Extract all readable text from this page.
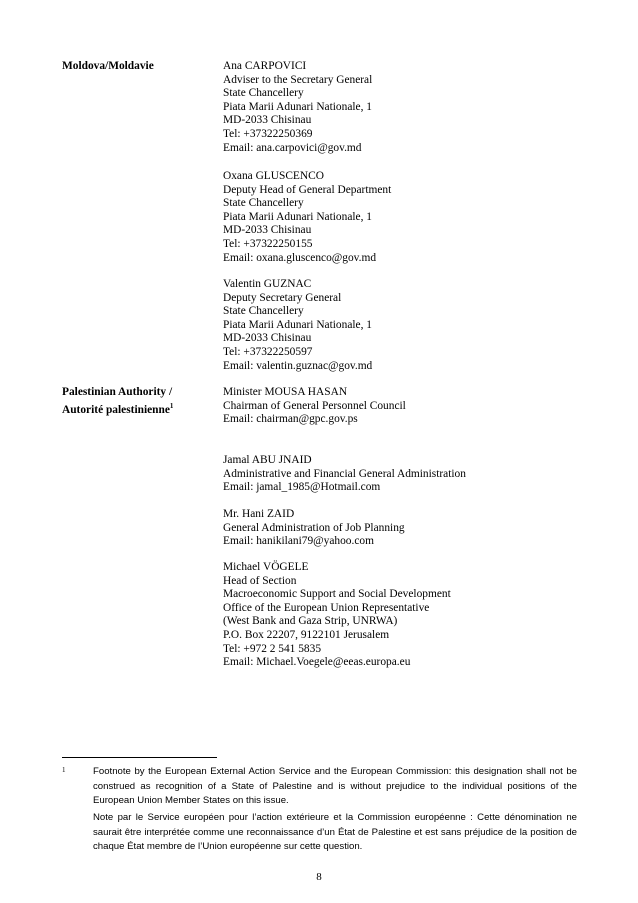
Moldova/Moldavie	Ana CARPOVICI
Adviser to the Secretary General
State Chancellery
Piata Marii Adunari Nationale, 1
MD-2033 Chisinau
Tel: +37322250369
Email: ana.carpovici@gov.md
Oxana GLUSCENCO
Deputy Head of General Department
State Chancellery
Piata Marii Adunari Nationale, 1
MD-2033 Chisinau
Tel: +37322250155
Email: oxana.gluscenco@gov.md
Valentin GUZNAC
Deputy Secretary General
State Chancellery
Piata Marii Adunari Nationale, 1
MD-2033 Chisinau
Tel: +37322250597
Email: valentin.guznac@gov.md
Palestinian Authority /
Autorité palestinienne$^1$
Minister MOUSA HASAN
Chairman of General Personnel Council
Email: chairman@gpc.gov.ps
Jamal ABU JNAID
Administrative and Financial General Administration
Email: jamal_1985@Hotmail.com
Mr. Hani ZAID
General Administration of Job Planning
Email: hanikilani79@yahoo.com
Michael VÖGELE
Head of Section
Macroeconomic Support and Social Development
Office of the European Union Representative
(West Bank and Gaza Strip, UNRWA)
P.O. Box 22207, 9122101 Jerusalem
Tel: +972 2 541 5835
Email: Michael.Voegele@eeas.europa.eu
1	Footnote by the European External Action Service and the European Commission: this designation shall not be construed as recognition of a State of Palestine and is without prejudice to the individual positions of the European Union Member States on this issue.
Note par le Service européen pour l’action extérieure et la Commission européenne : Cette dénomination ne saurait être interprétée comme une reconnaissance d’un État de Palestine et est sans préjudice de la position de chaque État membre de l’Union européenne sur cette question.
8
